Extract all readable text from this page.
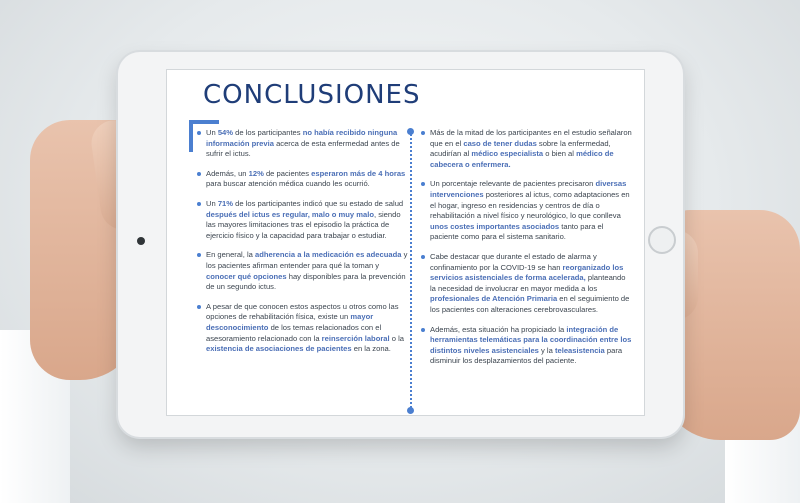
CONCLUSIONES
Un 54% de los participantes no había recibido ninguna información previa acerca de esta enfermedad antes de sufrir el ictus.
Además, un 12% de pacientes esperaron más de 4 horas para buscar atención médica cuando les ocurrió.
Un 71% de los participantes indicó que su estado de salud después del ictus es regular, malo o muy malo, siendo las mayores limitaciones tras el episodio la práctica de ejercicio físico y la capacidad para trabajar o estudiar.
En general, la adherencia a la medicación es adecuada y los pacientes afirman entender para qué la toman y conocer qué opciones hay disponibles para la prevención de un segundo ictus.
A pesar de que conocen estos aspectos u otros como las opciones de rehabilitación física, existe un mayor desconocimiento de los temas relacionados con el asesoramiento relacionado con la reinserción laboral o la existencia de asociaciones de pacientes en la zona.
Más de la mitad de los participantes en el estudio señalaron que en el caso de tener dudas sobre la enfermedad, acudirían al médico especialista o bien al médico de cabecera o enfermera.
Un porcentaje relevante de pacientes precisaron diversas intervenciones posteriores al ictus, como adaptaciones en el hogar, ingreso en residencias y centros de día o rehabilitación a nivel físico y neurológico, lo que conlleva unos costes importantes asociados tanto para el paciente como para el sistema sanitario.
Cabe destacar que durante el estado de alarma y confinamiento por la COVID-19 se han reorganizado los servicios asistenciales de forma acelerada, planteando la necesidad de involucrar en mayor medida a los profesionales de Atención Primaria en el seguimiento de los pacientes con alteraciones cerebrovasculares.
Además, esta situación ha propiciado la integración de herramientas telemáticas para la coordinación entre los distintos niveles asistenciales y la teleasistencia para disminuir los desplazamientos del paciente.
